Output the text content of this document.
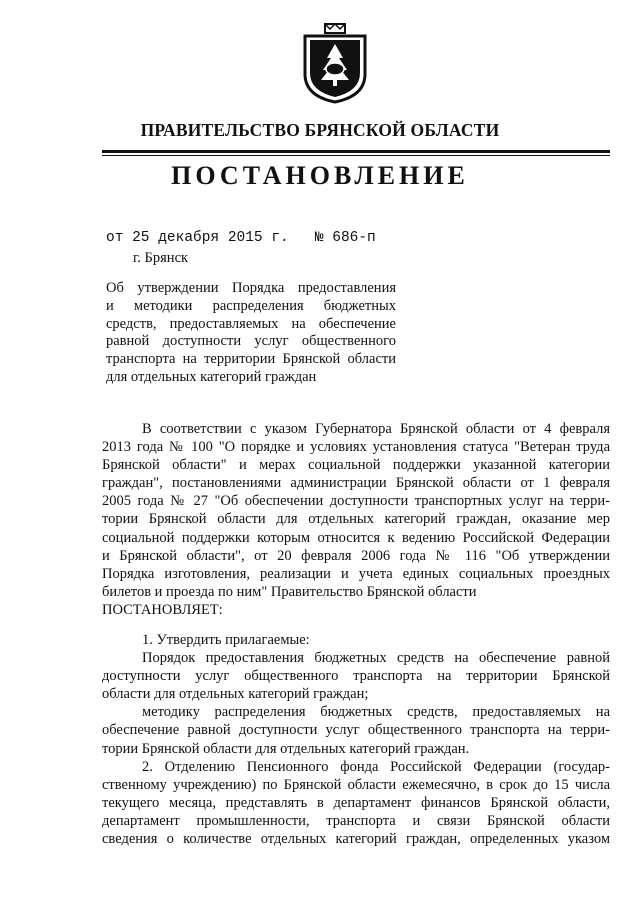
ПРАВИТЕЛЬСТВО БРЯНСКОЙ ОБЛАСТИ
ПОСТАНОВЛЕНИЕ
от 25 декабря 2015 г.   № 686-п
г. Брянск
Об утверждении Порядка предоставления
и методики распределения бюджетных
средств, предоставляемых на обеспечение
равной доступности услуг общественного
транспорта на территории Брянской области
для отдельных категорий граждан
В соответствии с указом Губернатора Брянской области от 4 февраля
2013 года № 100 "О порядке и условиях установления статуса "Ветеран труда
Брянской области" и мерах социальной поддержки указанной категории
граждан", постановлениями администрации Брянской области от 1 февраля
2005 года № 27 "Об обеспечении доступности транспортных услуг на терри-
тории Брянской области для отдельных категорий граждан, оказание мер
социальной поддержки которым относится к ведению Российской Федерации
и Брянской области", от 20 февраля 2006 года № 116 "Об утверждении
Порядка изготовления, реализации и учета единых социальных проездных
билетов и проезда по ним" Правительство Брянской области
ПОСТАНОВЛЯЕТ:
1. Утвердить прилагаемые:
Порядок предоставления бюджетных средств на обеспечение равной
доступности услуг общественного транспорта на территории Брянской
области для отдельных категорий граждан;
методику распределения бюджетных средств, предоставляемых на
обеспечение равной доступности услуг общественного транспорта на терри-
тории Брянской области для отдельных категорий граждан.
2. Отделению Пенсионного фонда Российской Федерации (государ-
ственному учреждению) по Брянской области ежемесячно, в срок до 15 числа
текущего месяца, представлять в департамент финансов Брянской области,
департамент промышленности, транспорта и связи Брянской области
сведения о количестве отдельных категорий граждан, определенных указом
